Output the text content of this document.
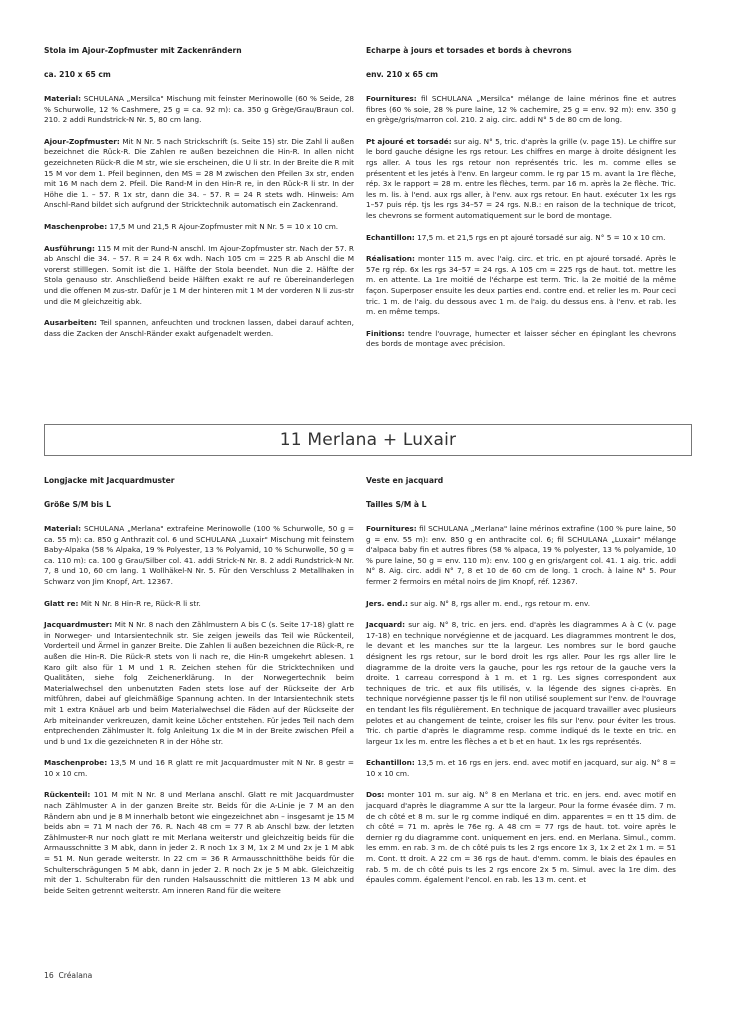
Stola im Ajour-Zopfmuster mit Zackenrändern
ca. 210 x 65 cm

Material: SCHULANA „Mersilca" Mischung mit feinster Merinowolle (60 % Seide, 28 % Schurwolle, 12 % Cashmere, 25 g = ca. 92 m): ca. 350 g Grège/Grau/Braun col. 210. 2 addi Rundstrick-N Nr. 5, 80 cm lang.

Ajour-Zopfmuster: Mit N Nr. 5 nach Strickschrift (s. Seite 15) str. Die Zahl li außen bezeichnet die Rück-R. Die Zahlen re außen bezeichnen die Hin-R. In allen nicht gezeichneten Rück-R die M str, wie sie erscheinen, die U li str. In der Breite die R mit 15 M vor dem 1. Pfeil beginnen, den MS = 28 M zwischen den Pfeilen 3x str, enden mit 16 M nach dem 2. Pfeil. Die Rand-M in den Hin-R re, in den Rück-R li str. In der Höhe die 1. – 57. R 1x str, dann die 34. – 57. R = 24 R stets wdh. Hinweis: Am Anschl-Rand bildet sich aufgrund der Stricktechnik automatisch ein Zackenrand.

Maschenprobe: 17,5 M und 21,5 R Ajour-Zopfmuster mit N Nr. 5 = 10 x 10 cm.

Ausführung: 115 M mit der Rund-N anschl. Im Ajour-Zopfmuster str. Nach der 57. R ab Anschl die 34. – 57. R = 24 R 6x wdh. Nach 105 cm = 225 R ab Anschl die M vorerst stilllegen. Somit ist die 1. Hälfte der Stola beendet. Nun die 2. Hälfte der Stola genauso str. Anschließend beide Hälften exakt re auf re übereinanderlegen und die offenen M zus-str. Dafür je 1 M der hinteren mit 1 M der vorderen N li zus-str und die M gleichzeitig abk.

Ausarbeiten: Teil spannen, anfeuchten und trocknen lassen, dabei darauf achten, dass die Zacken der Anschl-Ränder exakt aufgenadelt werden.

Echarpe à jours et torsades et bords à chevrons
env. 210 x 65 cm

Fournitures: fil SCHULANA „Mersilca" mélange de laine mérinos fine et autres fibres (60 % soie, 28 % pure laine, 12 % cachemire, 25 g = env. 92 m): env. 350 g en grège/gris/marron col. 210. 2 aig. circ. addi N° 5 de 80 cm de long.

Pt ajouré et torsadé: sur aig. N° 5, tric. d'après la grille (v. page 15). Le chiffre sur le bord gauche désigne les rgs retour. Les chiffres en marge à droite désignent les rgs aller. A tous les rgs retour non représentés tric. les m. comme elles se présentent et les jetés à l'env. En largeur comm. le rg par 15 m. avant la 1re flèche, rép. 3x le rapport = 28 m. entre les flèches, term. par 16 m. après la 2e flèche. Tric. les m. lis. à l'end. aux rgs aller, à l'env. aux rgs retour. En haut. exécuter 1x les rgs 1–57 puis rép. tjs les rgs 34–57 = 24 rgs. N.B.: en raison de la technique de tricot, les chevrons se forment automatiquement sur le bord de montage.

Echantillon: 17,5 m. et 21,5 rgs en pt ajouré torsadé sur aig. N° 5 = 10 x 10 cm.

Réalisation: monter 115 m. avec l'aig. circ. et tric. en pt ajouré torsadé. Après le 57e rg rép. 6x les rgs 34–57 = 24 rgs. A 105 cm = 225 rgs de haut. tot. mettre les m. en attente. La 1re moitié de l'écharpe est term. Tric. la 2e moitié de la même façon. Superposer ensuite les deux parties end. contre end. et relier les m. Pour ceci tric. 1 m. de l'aig. du dessous avec 1 m. de l'aig. du dessus ens. à l'env. et rab. les m. en même temps.

Finitions: tendre l'ouvrage, humecter et laisser sécher en épinglant les chevrons des bords de montage avec précision.

11 Merlana + Luxair
Longjacke mit Jacquardmuster
Größe S/M bis L

Material: SCHULANA „Merlana" extrafeine Merinowolle (100 % Schurwolle, 50 g = ca. 55 m): ca. 850 g Anthrazit col. 6 und SCHULANA „Luxair" Mischung mit feinstem Baby-Alpaka (58 % Alpaka, 19 % Polyester, 13 % Polyamid, 10 % Schurwolle, 50 g = ca. 110 m): ca. 100 g Grau/Silber col. 41. addi Strick-N Nr. 8. 2 addi Rundstrick-N Nr. 7, 8 und 10, 60 cm lang. 1 Wollhäkel-N Nr. 5. Für den Verschluss 2 Metallhaken in Schwarz von Jim Knopf, Art. 12367.

Glatt re: Mit N Nr. 8 Hin-R re, Rück-R li str.

Jacquardmuster: Mit N Nr. 8 nach den Zählmustern A bis C (s. Seite 17-18) glatt re in Norweger- und Intarsientechnik str. Sie zeigen jeweils das Teil wie Rückenteil, Vorderteil und Ärmel in ganzer Breite. Die Zahlen li außen bezeichnen die Rück-R, re außen die Hin-R. Die Rück-R stets von li nach re, die Hin-R umgekehrt ablesen. 1 Karo gilt also für 1 M und 1 R. Zeichen stehen für die Stricktechniken und Qualitäten, siehe folg Zeichenerklärung. In der Norwegertechnik beim Materialwechsel den unbenutzten Faden stets lose auf der Rückseite der Arb mitführen, dabei auf gleichmäßige Spannung achten. In der Intarsientechnik stets mit 1 extra Knäuel arb und beim Materialwechsel die Fäden auf der Rückseite der Arb miteinander verkreuzen, damit keine Löcher entstehen. Für jedes Teil nach dem entprechenden Zählmuster lt. folg Anleitung 1x die M in der Breite zwischen Pfeil a und b und 1x die gezeichneten R in der Höhe str.

Maschenprobe: 13,5 M und 16 R glatt re mit Jacquardmuster mit N Nr. 8 gestr = 10 x 10 cm.

Rückenteil: 101 M mit N Nr. 8 und Merlana anschl. Glatt re mit Jacquardmuster nach Zählmuster A in der ganzen Breite str. Beids für die A-Linie je 7 M an den Rändern abn und je 8 M innerhalb betont wie eingezeichnet abn – insgesamt je 15 M beids abn = 71 M nach der 76. R. Nach 48 cm = 77 R ab Anschl bzw. der letzten Zählmuster-R nur noch glatt re mit Merlana weiterstr und gleichzeitig beids für die Armausschnitte 3 M abk, dann in jeder 2. R noch 1x 3 M, 1x 2 M und 2x je 1 M abk = 51 M. Nun gerade weiterstr. In 22 cm = 36 R Armausschnitthöhe beids für die Schulterschrägungen 5 M abk, dann in jeder 2. R noch 2x je 5 M abk. Gleichzeitig mit der 1. Schulterabn für den runden Halsausschnitt die mittleren 13 M abk und beide Seiten getrennt weiterstr. Am inneren Rand für die weitere

Veste en jacquard
Tailles S/M à L

Fournitures: fil SCHULANA „Merlana" laine mérinos extrafine (100 % pure laine, 50 g = env. 55 m): env. 850 g en anthracite col. 6; fil SCHULANA „Luxair" mélange d'alpaca baby fin et autres fibres (58 % alpaca, 19 % polyester, 13 % polyamide, 10 % pure laine, 50 g = env. 110 m): env. 100 g en gris/argent col. 41. 1 aig. tric. addi N° 8. Aig. circ. addi N° 7, 8 et 10 de 60 cm de long. 1 croch. à laine N° 5. Pour fermer 2 fermoirs en métal noirs de Jim Knopf, réf. 12367.

Jers. end.: sur aig. N° 8, rgs aller m. end., rgs retour m. env.

Jacquard: sur aig. N° 8, tric. en jers. end. d'après les diagrammes A à C (v. page 17-18) en technique norvégienne et de jacquard. Les diagrammes montrent le dos, le devant et les manches sur tte la largeur. Les nombres sur le bord gauche désignent les rgs retour, sur le bord droit les rgs aller. Pour les rgs aller lire le diagramme de la droite vers la gauche, pour les rgs retour de la gauche vers la droite. 1 carreau correspond à 1 m. et 1 rg. Les signes correspondent aux techniques de tric. et aux fils utilisés, v. la légende des signes ci-après. En technique norvégienne passer tjs le fil non utilisé souplement sur l'env. de l'ouvrage en tendant les fils régulièrement. En technique de jacquard travailler avec plusieurs pelotes et au changement de teinte, croiser les fils sur l'env. pour éviter les trous. Tric. ch partie d'après le diagramme resp. comme indiqué ds le texte en tric. en largeur 1x les m. entre les flèches a et b et en haut. 1x les rgs représentés.

Echantillon: 13,5 m. et 16 rgs en jers. end. avec motif en jacquard, sur aig. N° 8 = 10 x 10 cm.

Dos: monter 101 m. sur aig. N° 8 en Merlana et tric. en jers. end. avec motif en jacquard d'après le diagramme A sur tte la largeur. Pour la forme évasée dim. 7 m. de ch côté et 8 m. sur le rg comme indiqué en dim. apparentes = en tt 15 dim. de ch côté = 71 m. après le 76e rg. A 48 cm = 77 rgs de haut. tot. voire après le dernier rg du diagramme cont. uniquement en jers. end. en Merlana. Simul., comm. les emm. en rab. 3 m. de ch côté puis ts les 2 rgs encore 1x 3, 1x 2 et 2x 1 m. = 51 m. Cont. tt droit. A 22 cm = 36 rgs de haut. d'emm. comm. le biais des épaules en rab. 5 m. de ch côté puis ts les 2 rgs encore 2x 5 m. Simul. avec la 1re dim. des épaules comm. également l'encol. en rab. les 13 m. cent. et

16 Créalana
